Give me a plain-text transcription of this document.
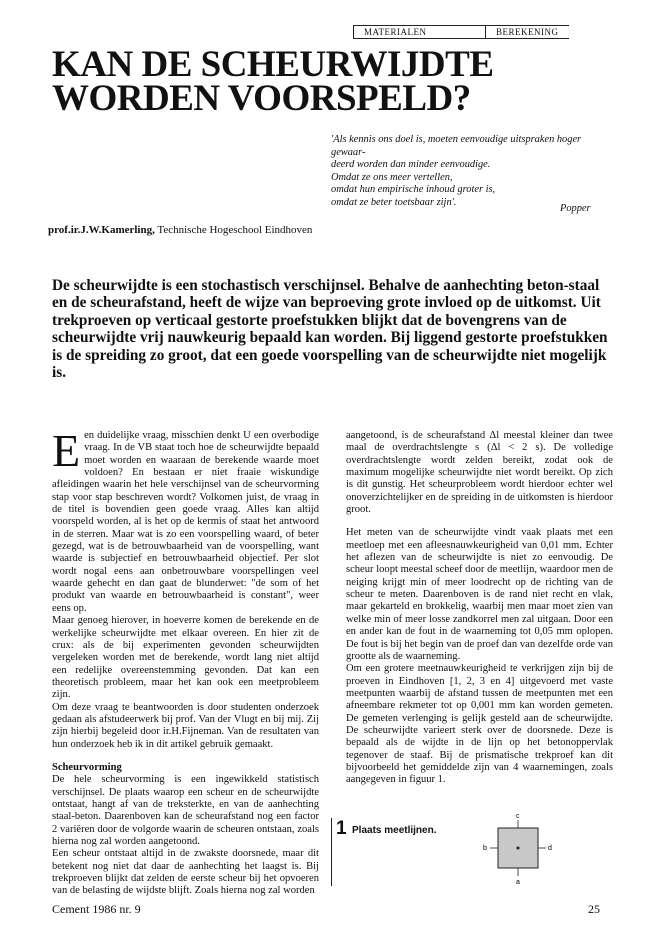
MATERIALEN	BEREKENING
KAN DE SCHEURWIJDTE
WORDEN VOORSPELD?

'Als kennis ons doel is, moeten eenvoudige uitspraken hoger gewaar-

deerd worden dan minder eenvoudige.

Omdat ze ons meer vertellen,

omdat hun empirische inhoud groter is,

omdat ze beter toetsbaar zijn'.

Popper
prof.ir.J.W.Kamerling, Technische Hogeschool Eindhoven
De scheurwijdte is een stochastisch verschijnsel. Behalve de aanhechting beton-staal en de scheurafstand, heeft de wijze van beproeving grote invloed op de uitkomst. Uit trekproeven op verticaal gestorte proefstukken blijkt dat de bovengrens van de scheurwijdte vrij nauwkeurig bepaald kan worden. Bij liggend gestorte proefstukken is de spreiding zo groot, dat een goede voorspelling van de scheurwijdte niet mogelijk is.

Een duidelijke vraag, misschien denkt U een overbodige vraag. In de VB staat toch hoe de scheurwijdte bepaald moet worden en waaraan de berekende waarde moet voldoen? En bestaan er niet fraaie wiskundige afleidingen waarin het hele verschijnsel van de scheurvorming stap voor stap beschreven wordt? Volkomen juist, de vraag in de titel is bovendien geen goede vraag. Alles kan altijd voorspeld worden, al is het op de kermis of staat het antwoord in de sterren. Maar wat is zo een voorspelling waard, of beter gezegd, wat is de betrouwbaarheid van de voorspelling, want waarde is subjectief en betrouwbaarheid objectief. Per slot wordt nogal eens aan onbetrouwbare voorspellingen veel waarde gehecht en dan gaat de blunderwet: "de som of het produkt van waarde en betrouwbaarheid is constant", weer eens op.

Maar genoeg hierover, in hoeverre komen de berekende en de werkelijke scheurwijdte met elkaar overeen. En hier zit de crux: als de bij experimenten gevonden scheurwijdten vergeleken worden met de berekende, wordt lang niet altijd een redelijke overeenstemming gevonden. Dat kan een theoretisch probleem, maar het kan ook een meetprobleem zijn.

Om deze vraag te beantwoorden is door studenten onderzoek gedaan als afstudeerwerk bij prof. Van der Vlugt en bij mij. Zij zijn hierbij begeleid door ir.H.Fijneman. Van de resultaten van hun onderzoek heb ik in dit artikel gebruik gemaakt.

Scheurvorming

De hele scheurvorming is een ingewikkeld statistisch verschijnsel. De plaats waarop een scheur en de scheurwijdte ontstaat, hangt af van de treksterkte, en van de aanhechting staal-beton. Daarenboven kan de scheurafstand nog een factor 2 variëren door de volgorde waarin de scheuren ontstaan, zoals hierna nog zal worden aangetoond.

Een scheur ontstaat altijd in de zwakste doorsnede, maar dit betekent nog niet dat daar de aanhechting het laagst is. Bij trekproeven blijkt dat zelden de eerste scheur bij het opvoeren van de belasting de wijdste blijft. Zoals hierna nog zal worden

aangetoond, is de scheurafstand Δl meestal kleiner dan twee maal de overdrachtslengte s (Δl < 2 s). De volledige overdrachtslengte wordt zelden bereikt, zodat ook de maximum mogelijke scheurwijdte niet wordt bereikt. Op zich is dit gunstig. Het scheurprobleem wordt hierdoor echter wel onoverzichtelijker en de spreiding in de uitkomsten is hierdoor groot.

Het meten van de scheurwijdte vindt vaak plaats met een meetloep met een afleesnauwkeurigheid van 0,01 mm. Echter het aflezen van de scheurwijdte is niet zo eenvoudig. De scheur loopt meestal scheef door de meetlijn, waardoor men de neiging krijgt min of meer loodrecht op de richting van de scheur te meten. Daarenboven is de rand niet recht en vlak, maar gekarteld en brokkelig, waarbij men maar moet zien van welke min of meer losse zandkorrel men zal uitgaan. Door een en ander kan de fout in de waarneming tot 0,05 mm oplopen. De fout is bij het begin van de proef dan van dezelfde orde van grootte als de waarneming.

Om een grotere meetnauwkeurigheid te verkrijgen zijn bij de proeven in Eindhoven [1, 2, 3 en 4] uitgevoerd met vaste meetpunten waarbij de afstand tussen de meetpunten met een afneembare rekmeter tot op 0,001 mm kan worden gemeten. De gemeten verlenging is gelijk gesteld aan de scheurwijdte. De scheurwijdte varieert sterk over de doorsnede. Deze is bepaald als de wijdte in de lijn op het betonoppervlak tegenover de staaf. Bij de prismatische trekproef kan dit bijvoorbeeld het gemiddelde zijn van 4 waarnemingen, zoals aangegeven in figuur 1.

1 Plaats meetlijnen.
c
a
b	d
Cement 1986 nr. 9	25
